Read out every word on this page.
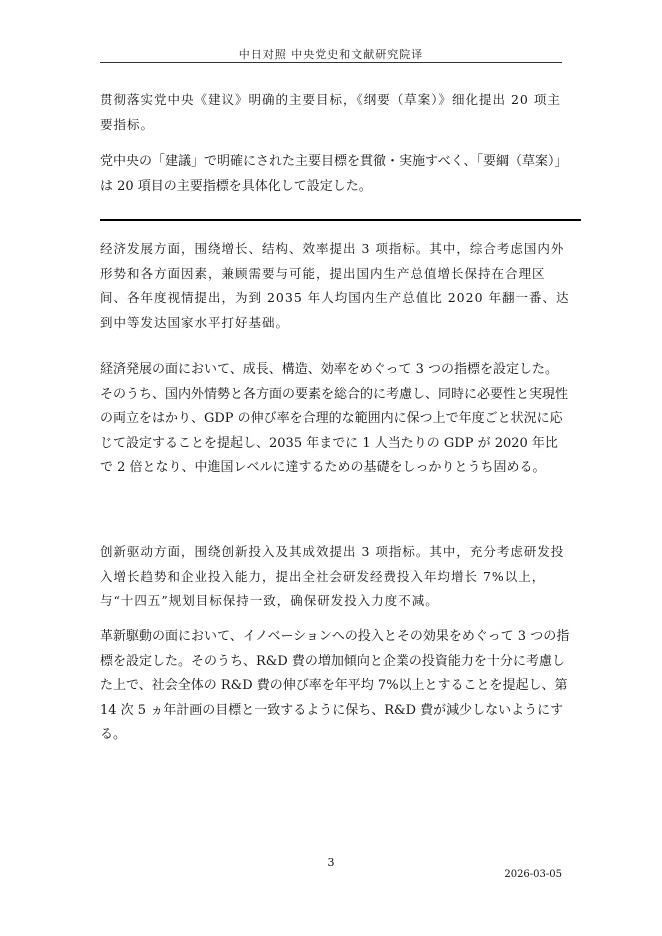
中日对照 中央党史和文献研究院译

贯彻落实党中央《建议》明确的主要目标，《纲要（草案）》细化提出 20 项主要指标。

党中央の「建議」で明確にされた主要目標を貫徹・実施すべく、「要綱（草案）」は 20 項目の主要指標を具体化して設定した。

经济发展方面，围绕增长、结构、效率提出 3 项指标。其中，综合考虑国内外形势和各方面因素，兼顾需要与可能，提出国内生产总值增长保持在合理区间、各年度视情提出，为到 2035 年人均国内生产总值比 2020 年翻一番、达到中等发达国家水平打好基础。

経済発展の面において、成長、構造、効率をめぐって 3 つの指標を設定した。そのうち、国内外情勢と各方面の要素を総合的に考慮し、同時に必要性と実現性の両立をはかり、GDP の伸び率を合理的な範囲内に保つ上で年度ごと状況に応じて設定することを提起し、2035 年までに 1 人当たりの GDP が 2020 年比で 2 倍となり、中進国レベルに達するための基礎をしっかりとうち固める。

创新驱动方面，围绕创新投入及其成效提出 3 项指标。其中，充分考虑研发投入增长趋势和企业投入能力，提出全社会研发经费投入年均增长 7%以上，与“十四五”规划目标保持一致，确保研发投入力度不减。

革新駆動の面において、イノベーションへの投入とその効果をめぐって 3 つの指標を設定した。そのうち、R&D 費の増加傾向と企業の投資能力を十分に考慮した上で、社会全体の R&D 費の伸び率を年平均 7%以上とすることを提起し、第 14 次 5 ヵ年計画の目標と一致するように保ち、R&D 費が減少しないようにする。

3
2026-03-05
